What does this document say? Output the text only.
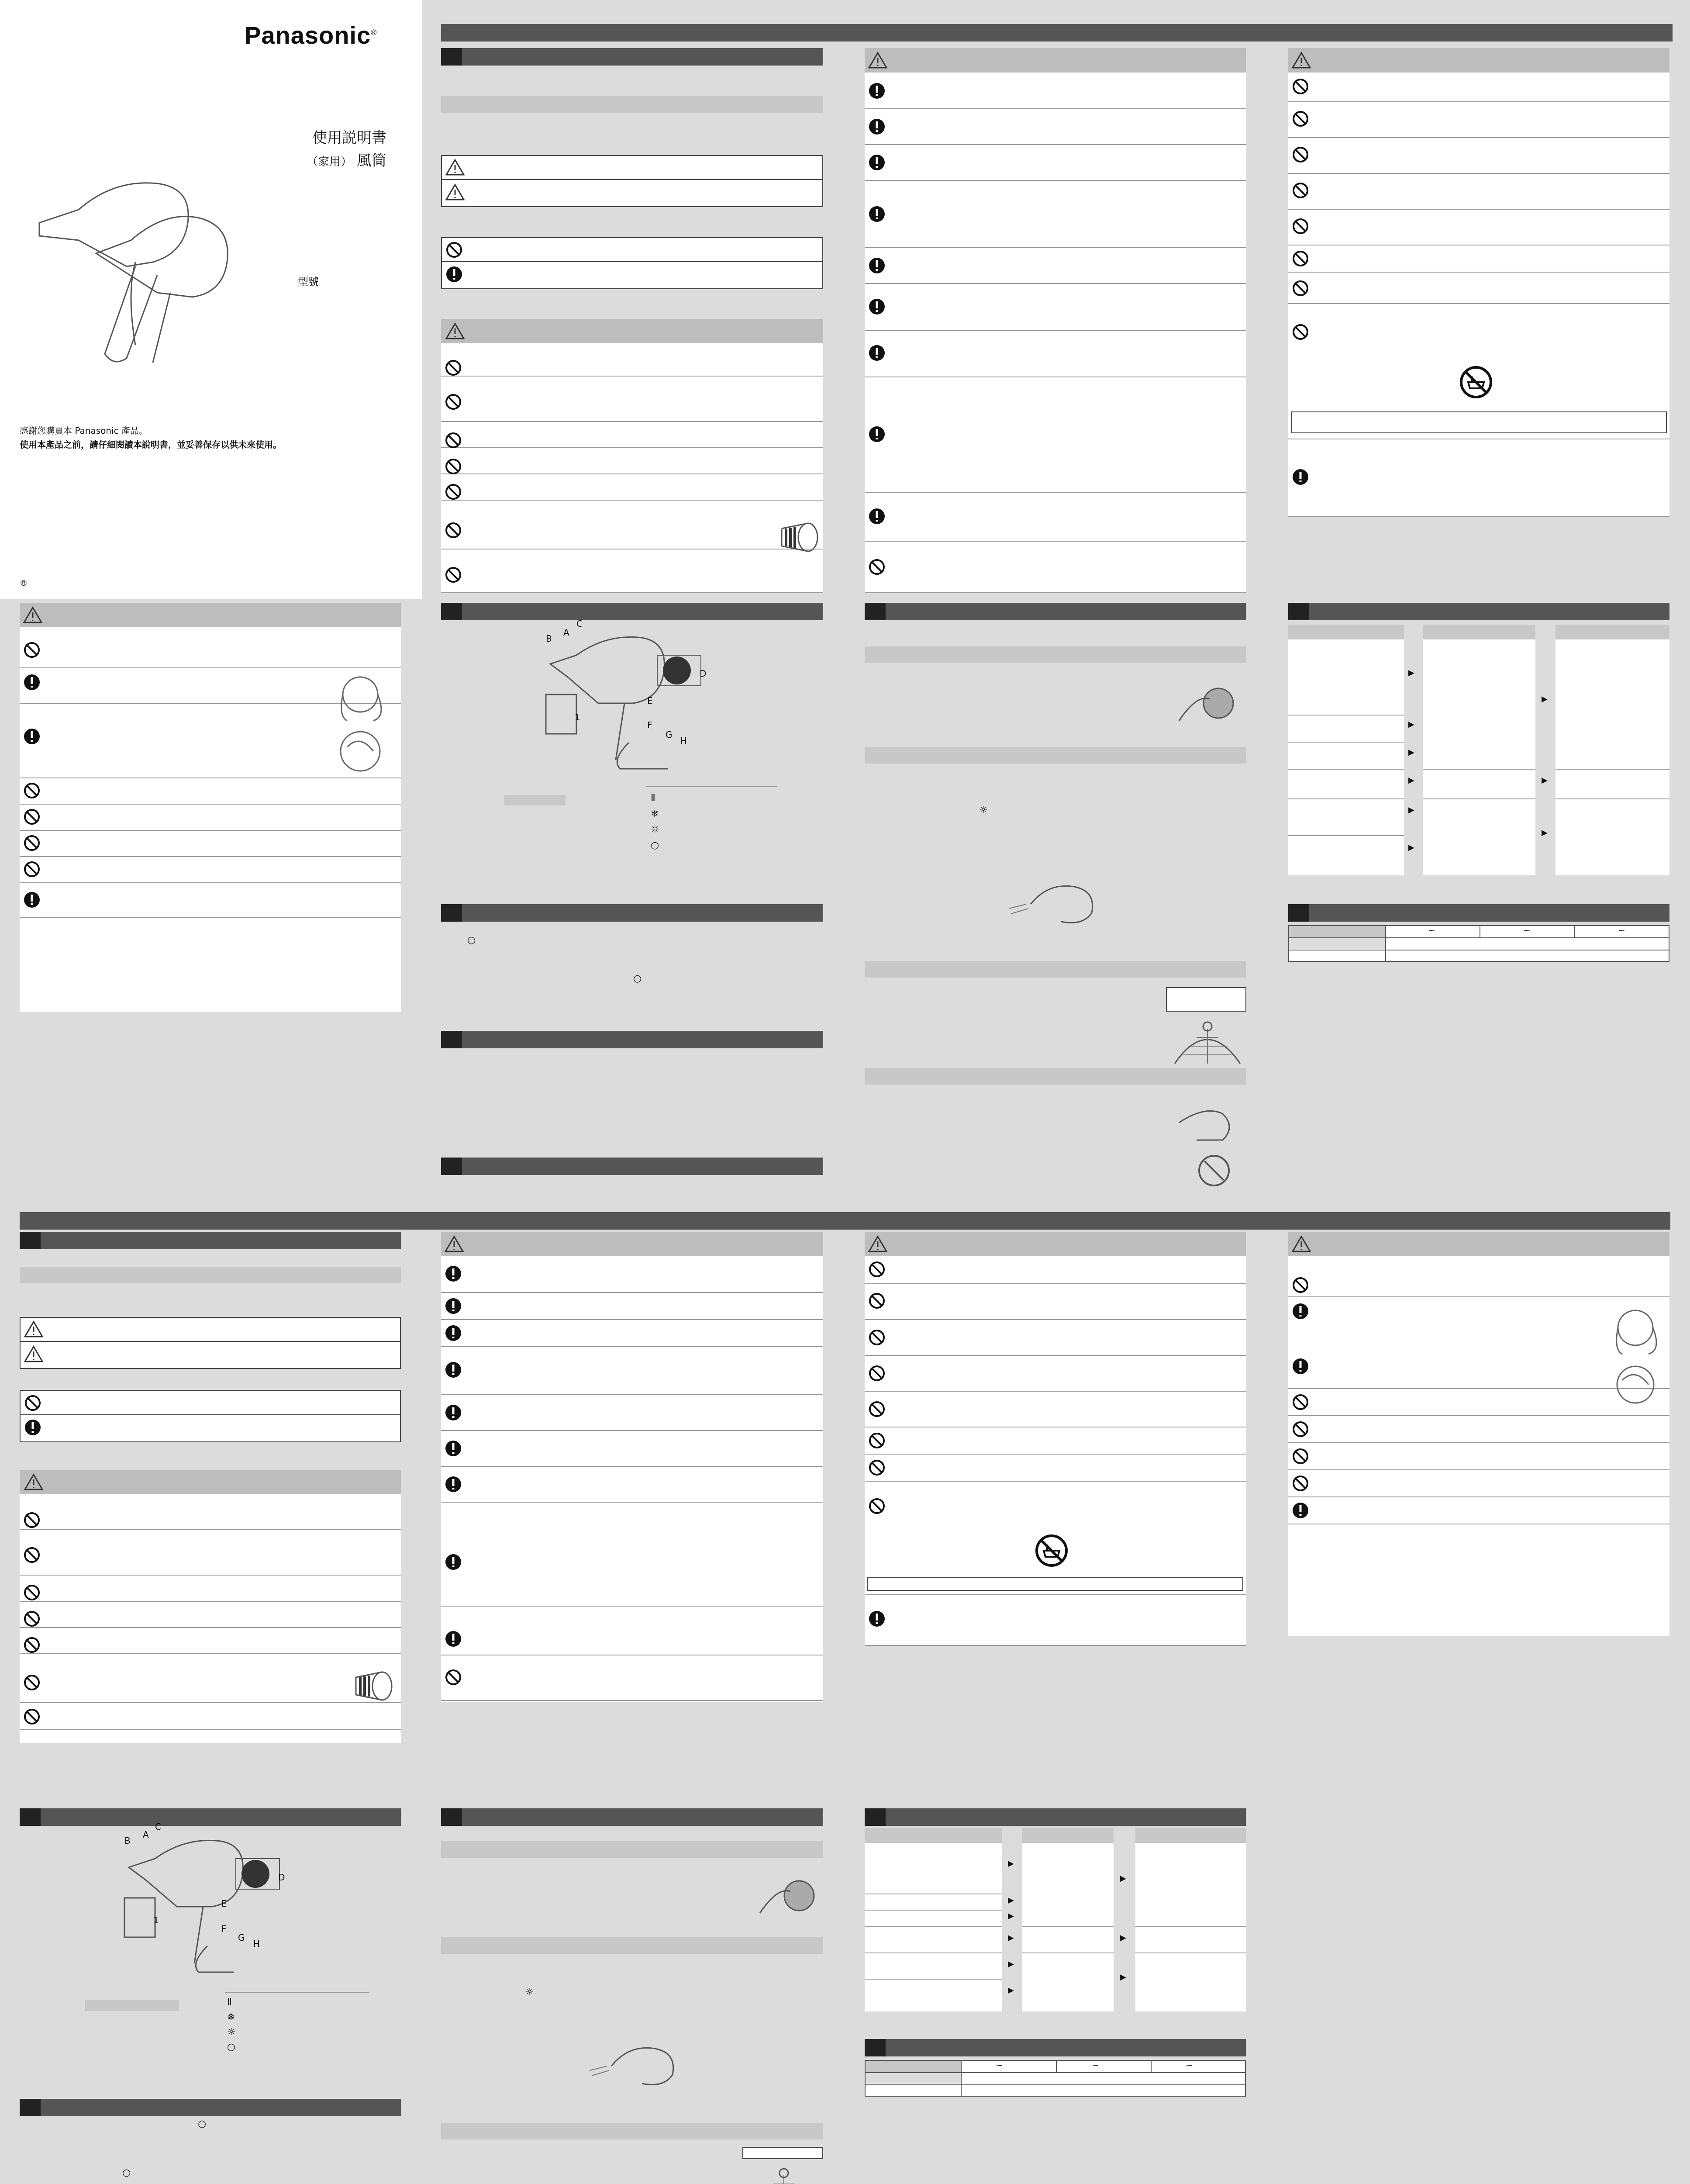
Panasonic®
使用説明書
（家用） 風筒
型號
感謝您購買本 Panasonic 產品。
使用本產品之前，請仔細閱讀本說明書，並妥善保存以供未來使用。
®
B
A
C
D
E
F
G
H
1
Ⅱ
❄
☼
○
○
○
☼
▶
▶
▶
▶
▶
▶
▶
▶
▶
~	~	~
B
A
C
D
E
F
G
H
1
Ⅱ
❄
☼
○
○
○
☼
▶
▶
▶
▶
▶
▶
▶
▶
▶
~	~	~
